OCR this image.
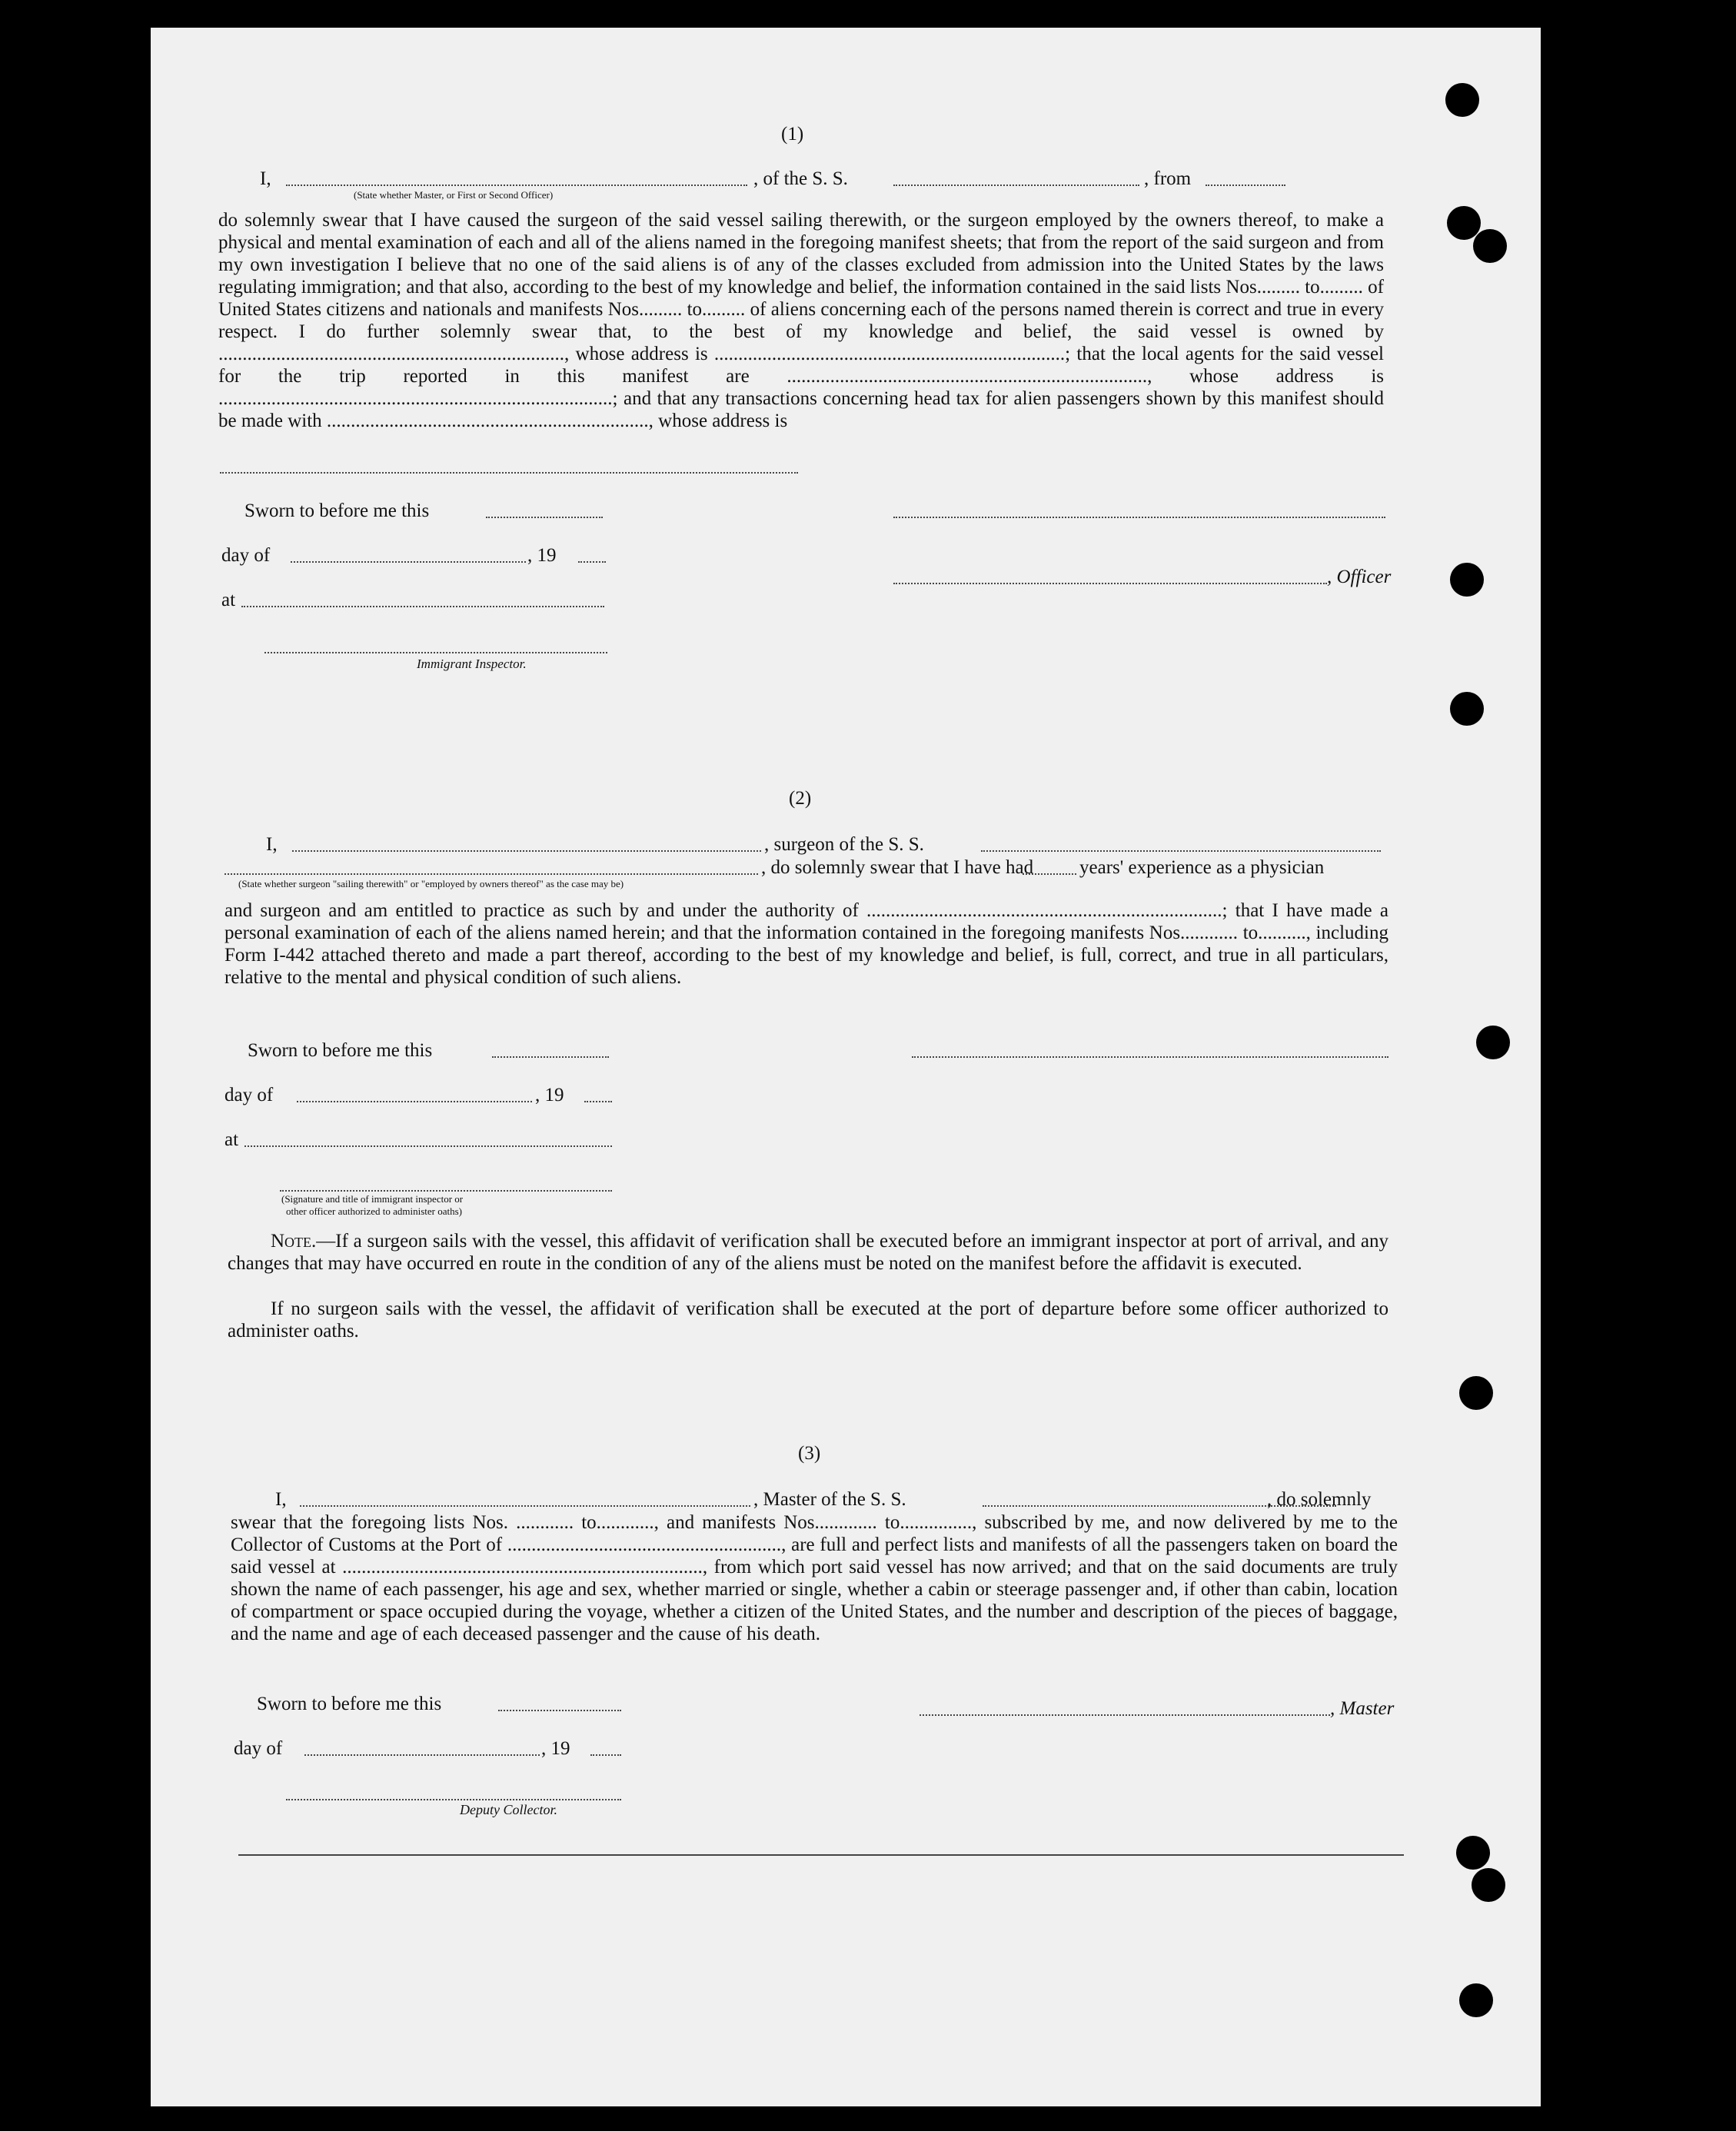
(1)
I,
(State whether Master, or First or Second Officer)
, of the S. S.	, from
do solemnly swear that I have caused the surgeon of the said vessel sailing therewith, or the surgeon employed by the owners thereof, to make a physical and mental examination of each and all of the aliens named in the foregoing manifest sheets; that from the report of the said surgeon and from my own investigation I believe that no one of the said aliens is of any of the classes excluded from admission into the United States by the laws regulating immigration; and that also, according to the best of my knowledge and belief, the information contained in the said lists Nos......... to......... of United States citizens and nationals and manifests Nos......... to......... of aliens concerning each of the persons named therein is correct and true in every respect. I do further solemnly swear that, to the best of my knowledge and belief, the said vessel is owned by ........................................................................, whose address is .........................................................................; that the local agents for the said vessel for the trip reported in this manifest are ..........................................................................., whose address is ..................................................................................; and that any transactions concerning head tax for alien passengers shown by this manifest should be made with ..................................................................., whose address is
Sworn to before me this
day of	, 19
, Officer
at
Immigrant Inspector.
(2)
I,	, surgeon of the S. S.
, do solemnly swear that I have had years' experience as a physician
(State whether surgeon "sailing therewith" or "employed by owners thereof" as the case may be)
and surgeon and am entitled to practice as such by and under the authority of ..........................................................................; that I have made a personal examination of each of the aliens named herein; and that the information contained in the foregoing manifests Nos............ to.........., including Form I-442 attached thereto and made a part thereof, according to the best of my knowledge and belief, is full, correct, and true in all particulars, relative to the mental and physical condition of such aliens.
Sworn to before me this
day of	, 19
at
(Signature and title of immigrant inspector or
other officer authorized to administer oaths)
Note.—If a surgeon sails with the vessel, this affidavit of verification shall be executed before an immigrant inspector at port of arrival, and any changes that may have occurred en route in the condition of any of the aliens must be noted on the manifest before the affidavit is executed.
If no surgeon sails with the vessel, the affidavit of verification shall be executed at the port of departure before some officer authorized to administer oaths.
(3)
I,	, Master of the S. S.	, do solemnly
swear that the foregoing lists Nos. ............ to............, and manifests Nos............. to..............., subscribed by me, and now delivered by me to the Collector of Customs at the Port of ........................................................., are full and perfect lists and manifests of all the passengers taken on board the said vessel at ..........................................................................., from which port said vessel has now arrived; and that on the said documents are truly shown the name of each passenger, his age and sex, whether married or single, whether a cabin or steerage passenger and, if other than cabin, location of compartment or space occupied during the voyage, whether a citizen of the United States, and the number and description of the pieces of baggage, and the name and age of each deceased passenger and the cause of his death.
Sworn to before me this	, Master
day of	, 19
Deputy Collector.
